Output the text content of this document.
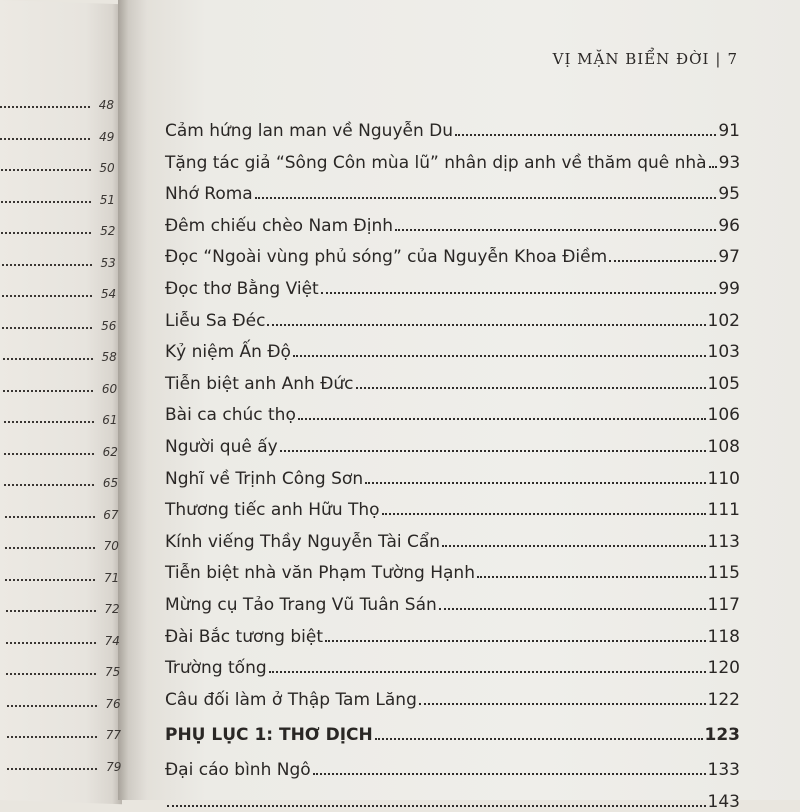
VỊ MẶN BIỂN ĐỜI | 7
48
49
50
51
52
53
54
56
58
60
61
62
65
67
70
71
72
74
75
76
77
79
Cảm hứng lan man về Nguyễn Du	91
Tặng tác giả “Sông Côn mùa lũ” nhân dịp anh về thăm quê nhà 93
Nhớ Roma	95
Đêm chiếu chèo Nam Định	96
Đọc “Ngoài vùng phủ sóng” của Nguyễn Khoa Điềm	97
Đọc thơ Bằng Việt	99
Liễu Sa Đéc	102
Kỷ niệm Ấn Độ	103
Tiễn biệt anh Anh Đức	105
Bài ca chúc thọ	106
Người quê ấy	108
Nghĩ về Trịnh Công Sơn	110
Thương tiếc anh Hữu Thọ	111
Kính viếng Thầy Nguyễn Tài Cẩn	113
Tiễn biệt nhà văn Phạm Tường Hạnh	115
Mừng cụ Tảo Trang Vũ Tuân Sán	117
Đài Bắc tương biệt	118
Trường tống	120
Câu đối làm ở Thập Tam Lăng	122
PHỤ LỤC 1: THƠ DỊCH	123
Đại cáo bình Ngô	133
143
